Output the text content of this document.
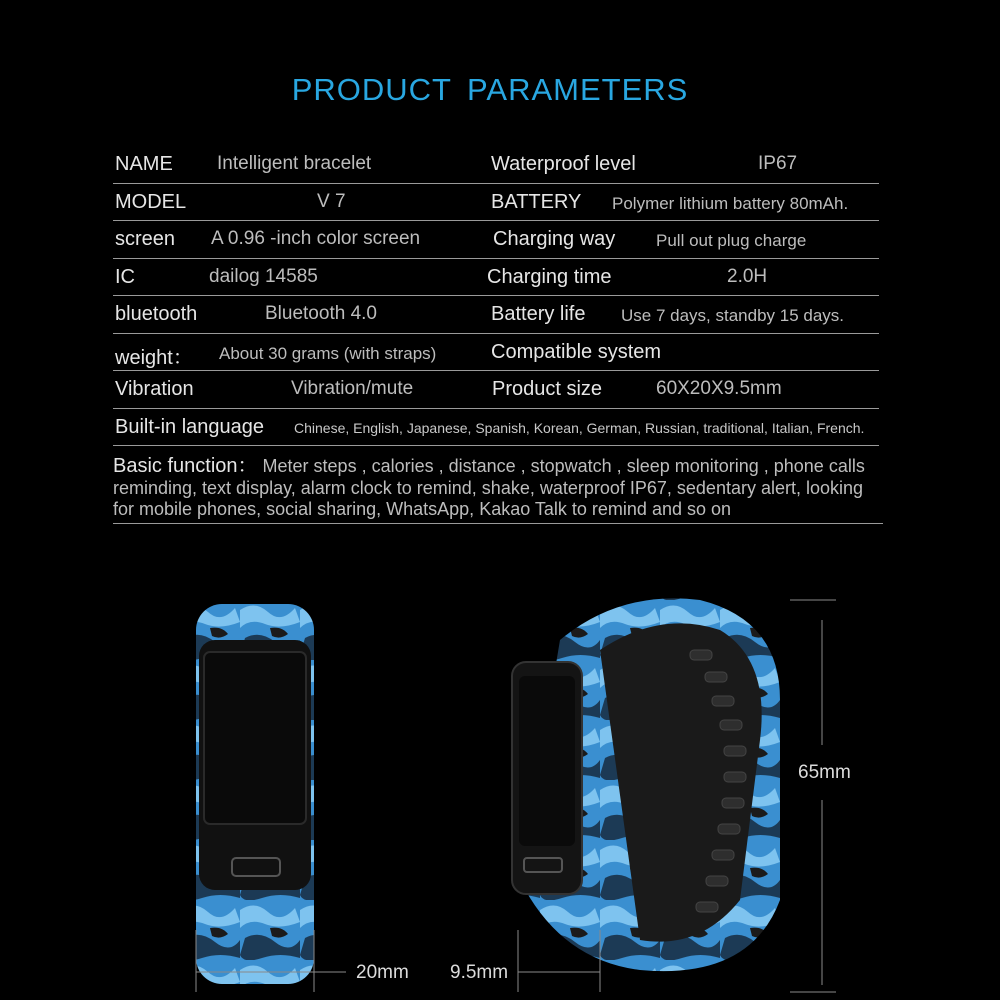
PRODUCT PARAMETERS
NAME Intelligent bracelet	Waterproof level	IP67
MODEL	V 7	BATTERY Polymer lithium battery 80mAh.
screen A 0.96 -inch color screen	Charging way Pull out plug charge
IC	dailog 14585	Charging time	2.0H
bluetooth	Bluetooth 4.0	Battery life Use 7 days, standby 15 days.
weight： About 30 grams (with straps)	Compatible system
Vibration	Vibration/mute	Product size	60X20X9.5mm
Built-in language Chinese, English, Japanese, Spanish, Korean, German, Russian, traditional, Italian, French.
Basic function： Meter steps , calories , distance , stopwatch , sleep monitoring , phone calls reminding, text display, alarm clock to remind, shake, waterproof IP67, sedentary alert, looking for mobile phones, social sharing, WhatsApp, Kakao Talk to remind and so on
20mm 9.5mm
65mm
